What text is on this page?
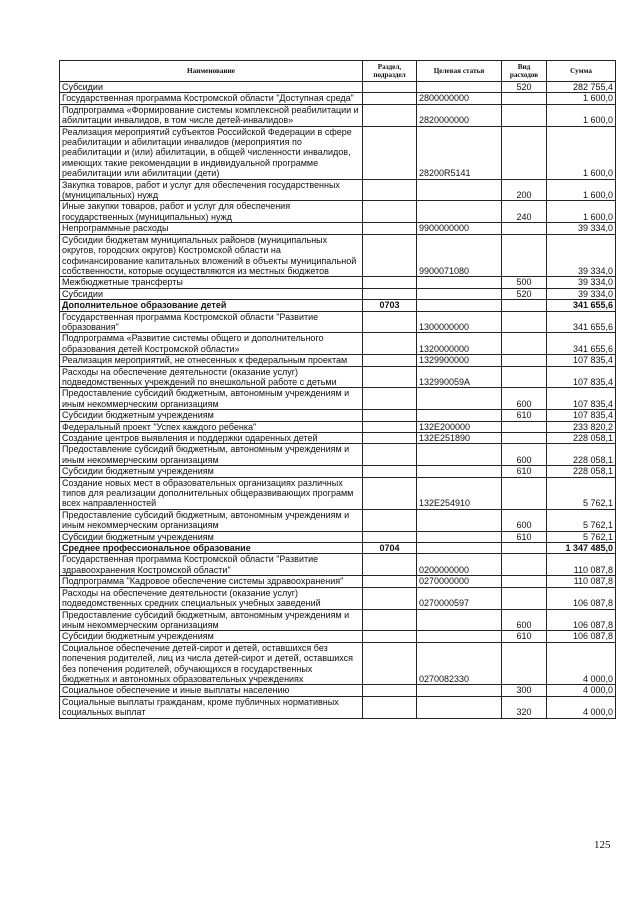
Наименование	Раздел, подраздел	Целевая статья	Вид расходов	Сумма
Субсидии			520	282 755,4
Государственная программа Костромской области "Доступная среда"		2800000000		1 600,0
Подпрограмма «Формирование системы комплексной реабилитации и абилитации инвалидов, в том числе детей-инвалидов»		2820000000		1 600,0
Реализация мероприятий субъектов Российской Федерации в сфере реабилитации и абилитации инвалидов (мероприятия по реабилитации и (или) абилитации, в общей численности инвалидов, имеющих такие рекомендации в индивидуальной программе реабилитации или абилитации (дети)		28200R5141		1 600,0
Закупка товаров, работ и услуг для обеспечения государственных (муниципальных) нужд			200	1 600,0
Иные закупки товаров, работ и услуг для обеспечения государственных (муниципальных) нужд			240	1 600,0
Непрограммные расходы		9900000000		39 334,0
Субсидии бюджетам муниципальных районов (муниципальных округов, городских округов) Костромской области на софинансирование капитальных вложений в объекты муниципальной собственности, которые осуществляются из местных бюджетов		9900071080		39 334,0
Межбюджетные трансферты			500	39 334,0
Субсидии			520	39 334,0
Дополнительное образование детей	0703			341 655,6
Государственная программа Костромской области "Развитие образования"		1300000000		341 655,6
Подпрограмма «Развитие системы общего и дополнительного образования детей Костромской области»		1320000000		341 655,6
Реализация мероприятий, не отнесенных к федеральным проектам		1329900000		107 835,4
Расходы на обеспечение деятельности (оказание услуг) подведомственных учреждений по внешкольной работе с детьми		132990059A		107 835,4
Предоставление субсидий бюджетным, автономным учреждениям и иным некоммерческим организациям			600	107 835,4
Субсидии бюджетным учреждениям			610	107 835,4
Федеральный проект "Успех каждого ребенка"		132E200000		233 820,2
Создание центров выявления и поддержки одаренных детей		132E251890		228 058,1
Предоставление субсидий бюджетным, автономным учреждениям и иным некоммерческим организациям			600	228 058,1
Субсидии бюджетным учреждениям			610	228 058,1
Создание новых мест в образовательных организациях различных типов для реализации дополнительных общеразвивающих программ всех направленностей		132E254910		5 762,1
Предоставление субсидий бюджетным, автономным учреждениям и иным некоммерческим организациям			600	5 762,1
Субсидии бюджетным учреждениям			610	5 762,1
Среднее профессиональное образование	0704			1 347 485,0
Государственная программа Костромской области "Развитие здравоохранения Костромской области"		0200000000		110 087,8
Подпрограмма "Кадровое обеспечение системы здравоохранения"		0270000000		110 087,8
Расходы на обеспечение деятельности (оказание услуг) подведомственных средних специальных учебных заведений		0270000597		106 087,8
Предоставление субсидий бюджетным, автономным учреждениям и иным некоммерческим организациям			600	106 087,8
Субсидии бюджетным учреждениям			610	106 087,8
Социальное обеспечение детей-сирот и детей, оставшихся без попечения родителей, лиц из числа детей-сирот и детей, оставшихся без попечения родителей, обучающихся в государственных бюджетных и автономных образовательных учреждениях		0270082330		4 000,0
Социальное обеспечение и иные выплаты населению			300	4 000,0
Социальные выплаты гражданам, кроме публичных нормативных социальных выплат			320	4 000,0
125
